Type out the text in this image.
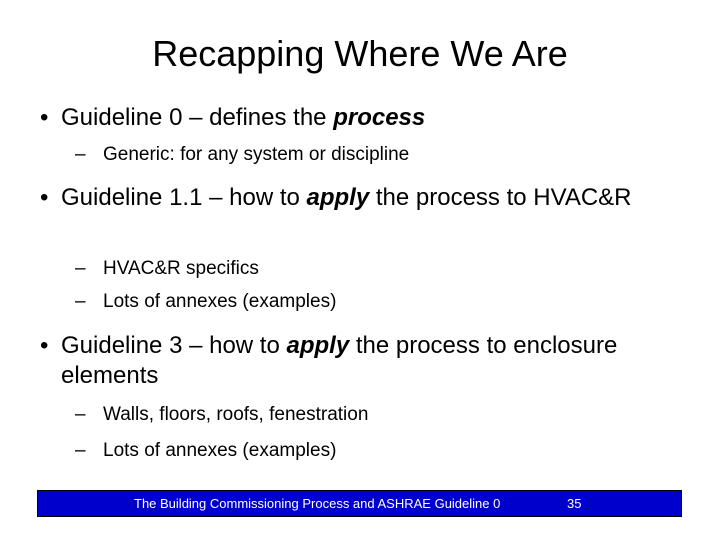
Recapping Where We Are
• Guideline 0 – defines the process
– Generic: for any system or discipline
• Guideline 1.1 – how to apply the process to HVAC&R
– HVAC&R specifics
– Lots of annexes (examples)
• Guideline 3 – how to apply the process to enclosure elements
– Walls, floors, roofs, fenestration
– Lots of annexes (examples)
The Building Commissioning Process and ASHRAE Guideline 0	35
